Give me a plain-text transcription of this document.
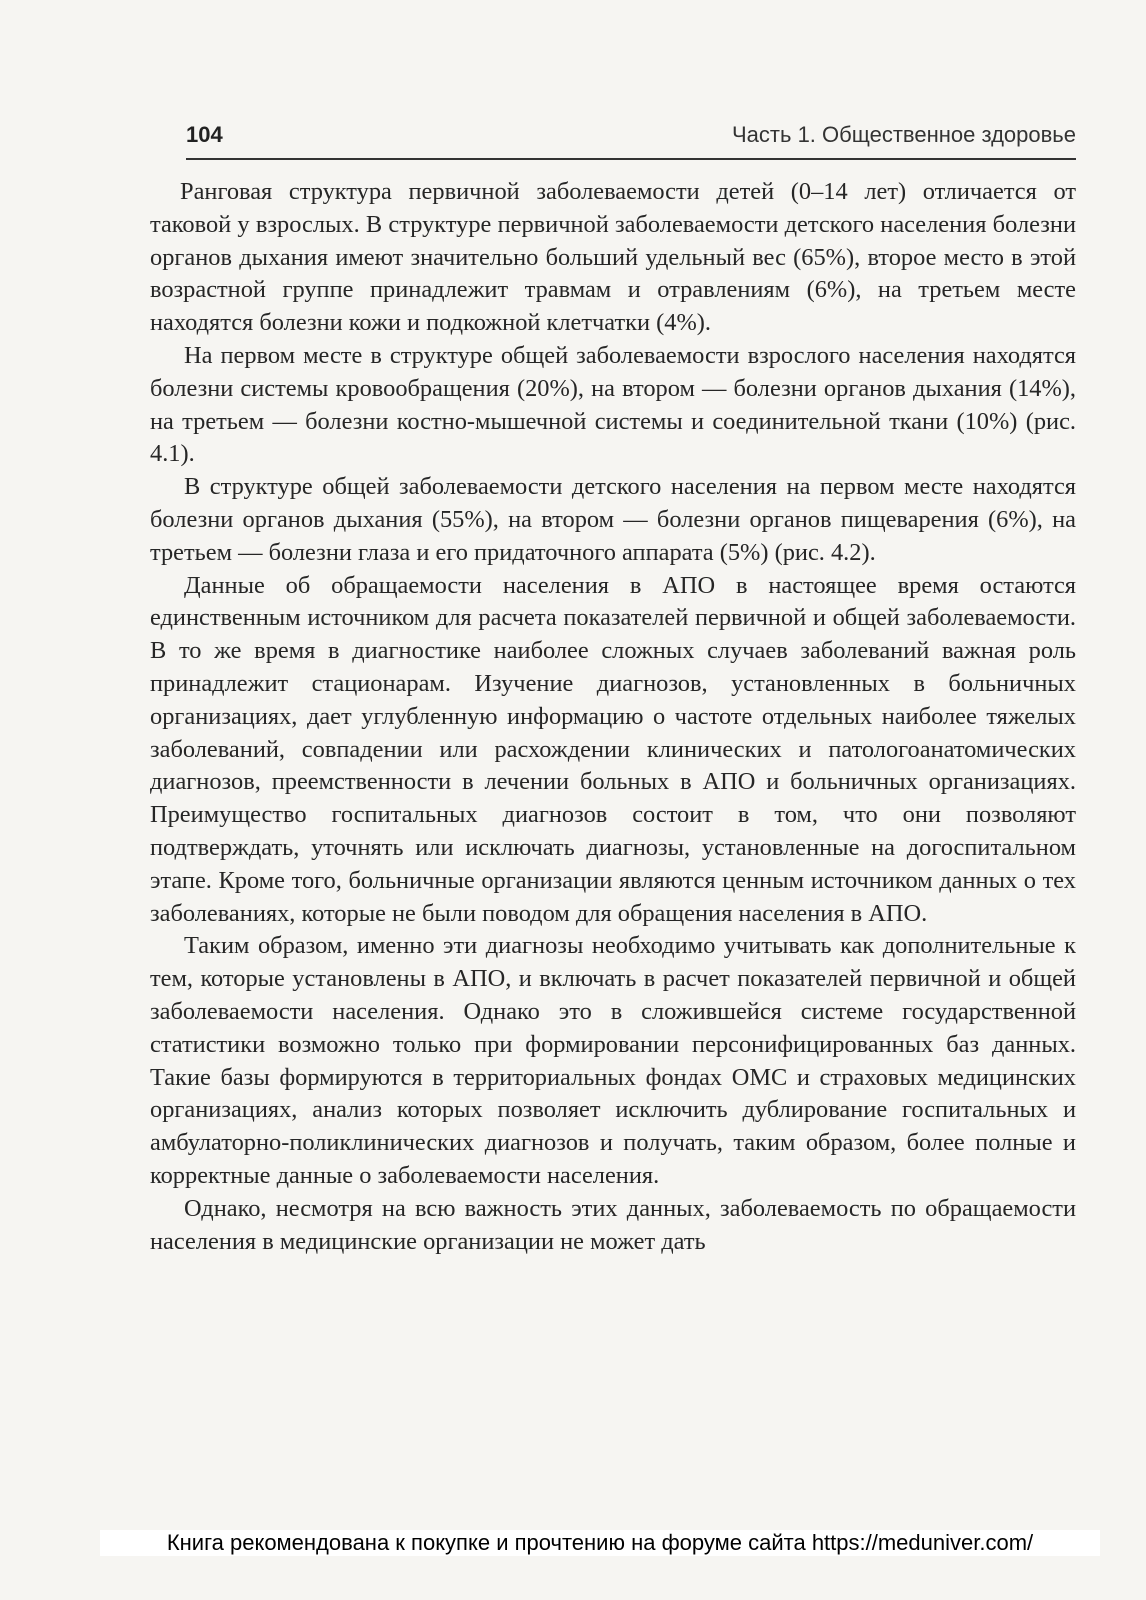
104	Часть 1. Общественное здоровье

Ранговая структура первичной заболеваемости детей (0–14 лет) отличается от таковой у взрослых. В структуре первичной заболеваемости детского населения болезни органов дыхания имеют значительно больший удельный вес (65%), второе место в этой возрастной группе принадлежит травмам и отравлениям (6%), на третьем месте находятся болезни кожи и подкожной клетчатки (4%).

На первом месте в структуре общей заболеваемости взрослого населения находятся болезни системы кровообращения (20%), на втором — болезни органов дыхания (14%), на третьем — болезни костно-мышечной системы и соединительной ткани (10%) (рис. 4.1).

В структуре общей заболеваемости детского населения на первом месте находятся болезни органов дыхания (55%), на втором — болезни органов пищеварения (6%), на третьем — болезни глаза и его придаточного аппарата (5%) (рис. 4.2).

Данные об обращаемости населения в АПО в настоящее время остаются единственным источником для расчета показателей первичной и общей заболеваемости. В то же время в диагностике наиболее сложных случаев заболеваний важная роль принадлежит стационарам. Изучение диагнозов, установленных в больничных организациях, дает углубленную информацию о частоте отдельных наиболее тяжелых заболеваний, совпадении или расхождении клинических и патологоанатомических диагнозов, преемственности в лечении больных в АПО и больничных организациях. Преимущество госпитальных диагнозов состоит в том, что они позволяют подтверждать, уточнять или исключать диагнозы, установленные на догоспитальном этапе. Кроме того, больничные организации являются ценным источником данных о тех заболеваниях, которые не были поводом для обращения населения в АПО.

Таким образом, именно эти диагнозы необходимо учитывать как дополнительные к тем, которые установлены в АПО, и включать в расчет показателей первичной и общей заболеваемости населения. Однако это в сложившейся системе государственной статистики возможно только при формировании персонифицированных баз данных. Такие базы формируются в территориальных фондах ОМС и страховых медицинских организациях, анализ которых позволяет исключить дублирование госпитальных и амбулаторно-поликлинических диагнозов и получать, таким образом, более полные и корректные данные о заболеваемости населения.

Однако, несмотря на всю важность этих данных, заболеваемость по обращаемости населения в медицинские организации не может дать

Книга рекомендована к покупке и прочтению на форуме сайта https://meduniver.com/
